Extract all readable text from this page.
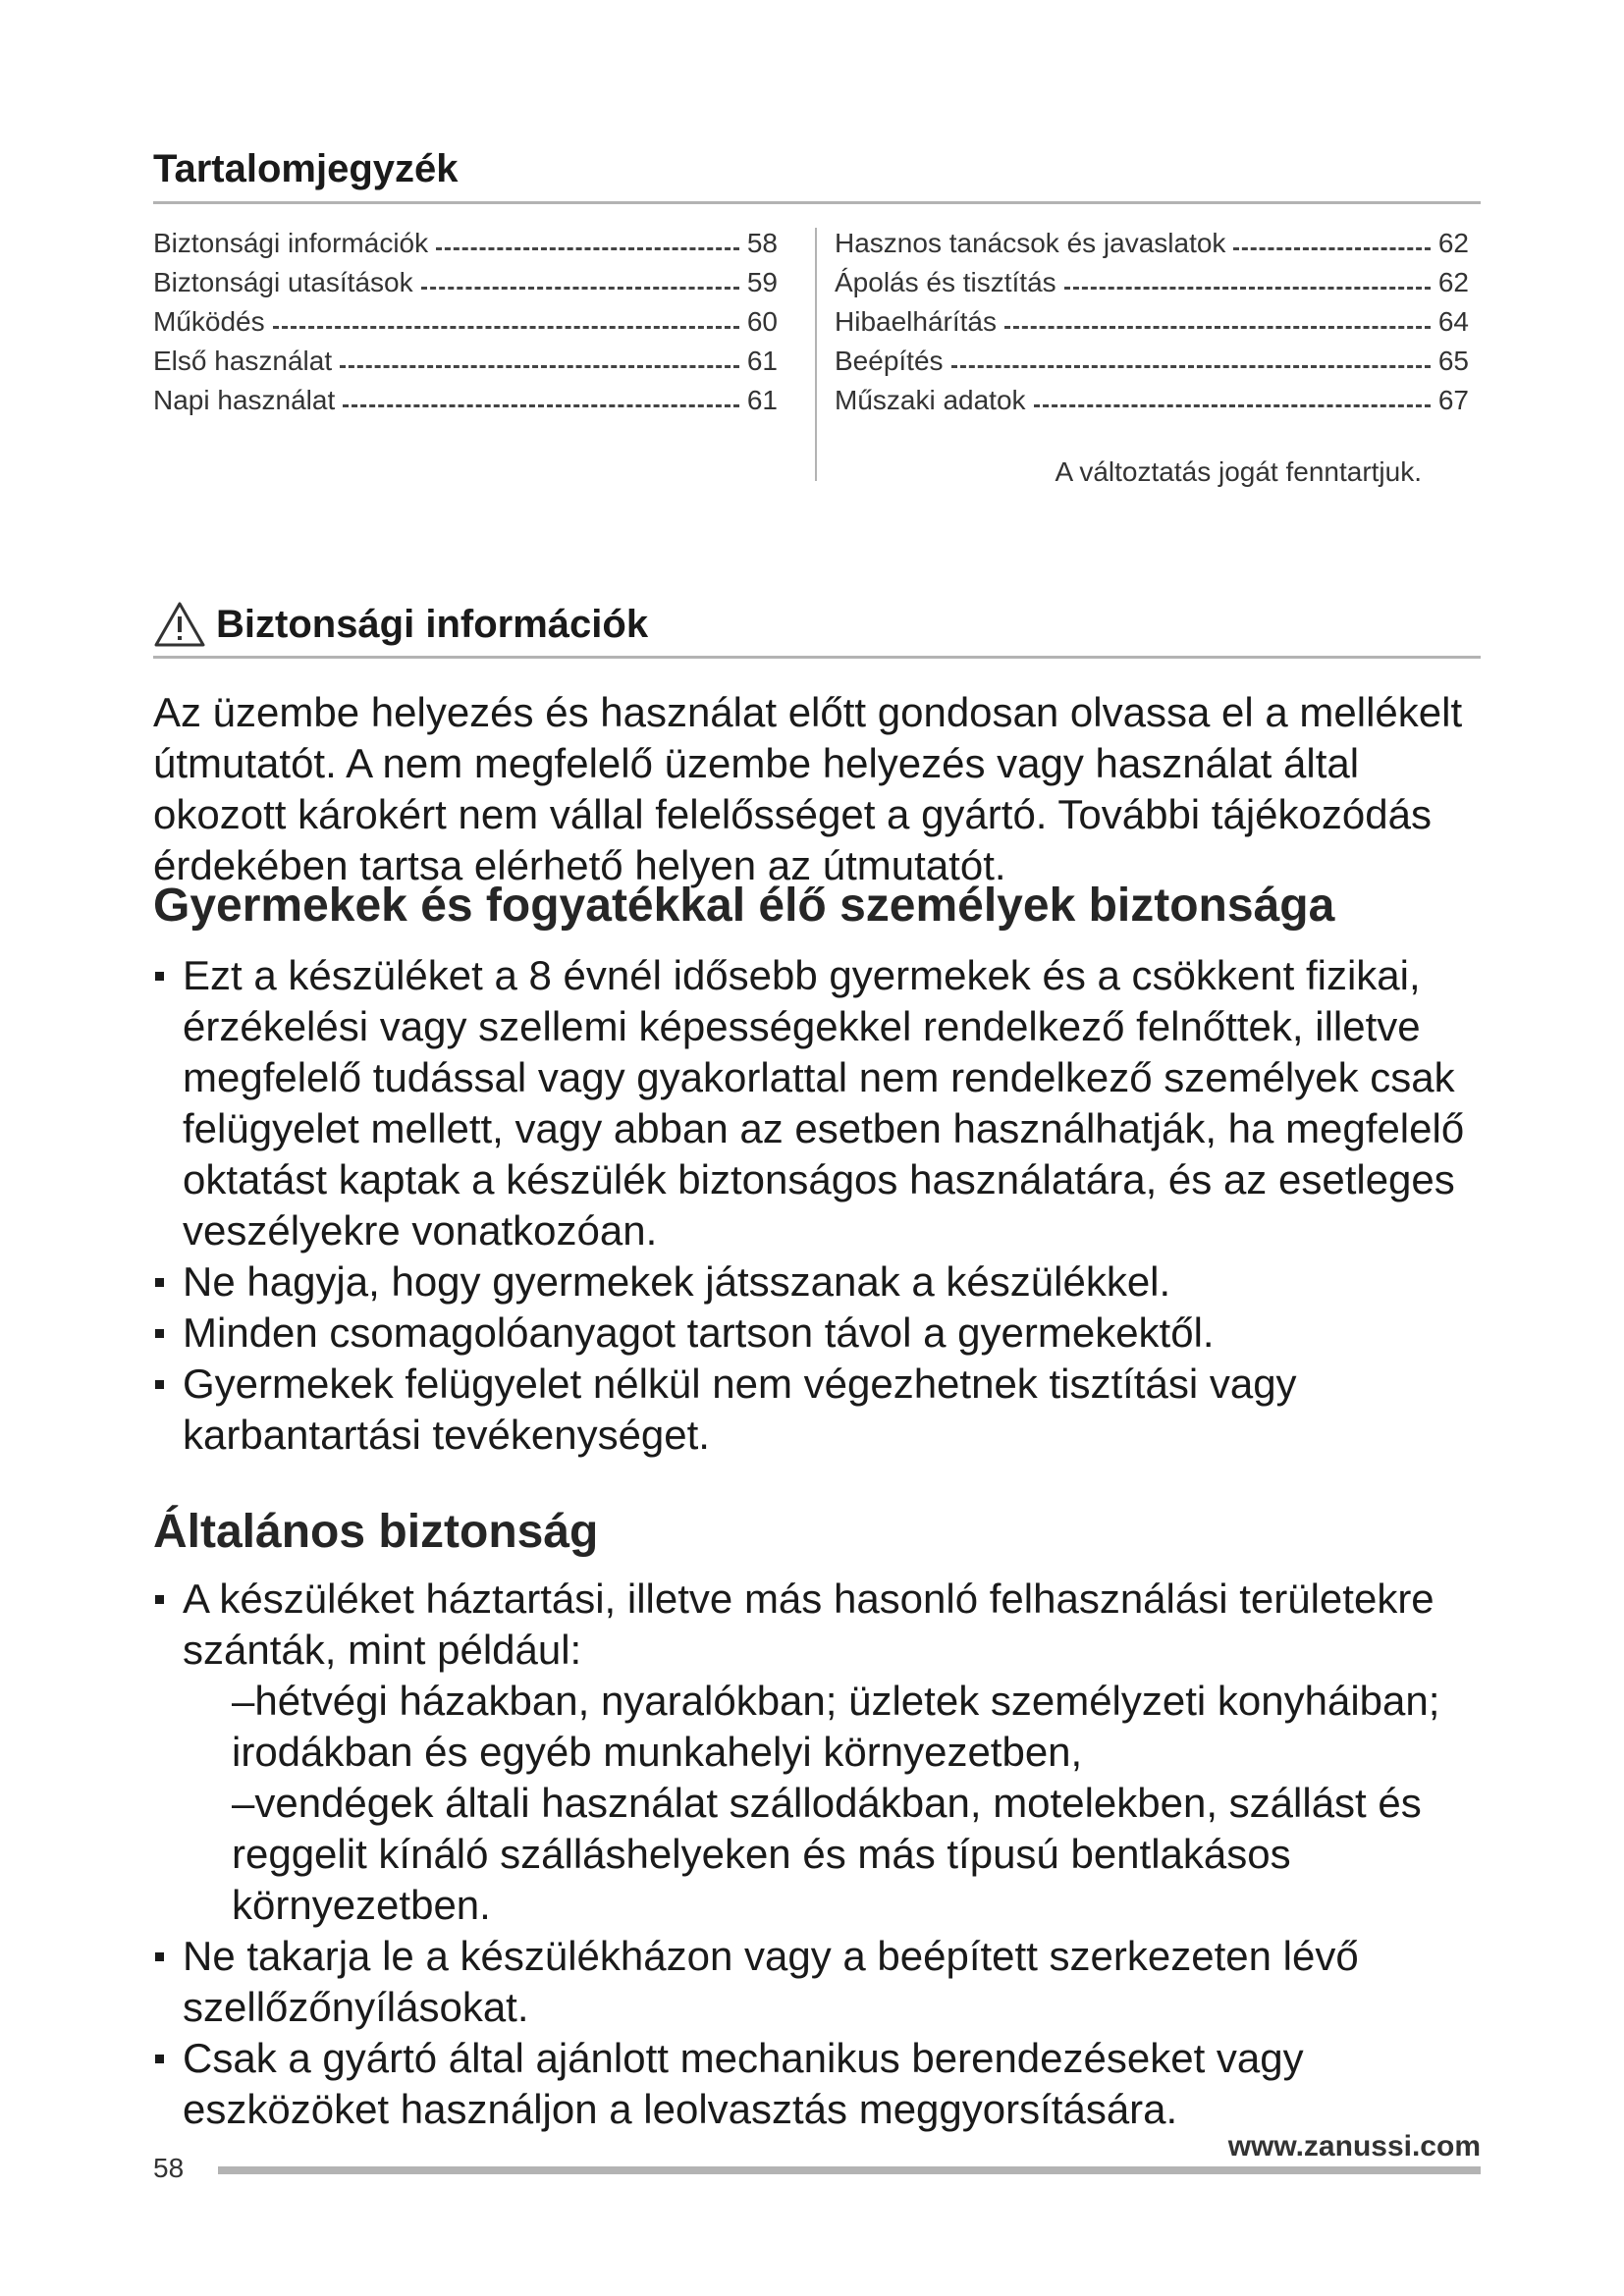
Tartalomjegyzék
Biztonsági információk	58
Biztonsági utasítások	59
Működés	60
Első használat	61
Napi használat	61
Hasznos tanácsok és javaslatok	62
Ápolás és tisztítás	62
Hibaelhárítás	64
Beépítés	65
Műszaki adatok	67
A változtatás jogát fenntartjuk.
Biztonsági információk

Az üzembe helyezés és használat előtt gondosan olvassa el a mellékelt útmutatót. A nem megfelelő üzembe helyezés vagy használat által okozott károkért nem vállal felelősséget a gyártó. További tájékozódás érdekében tartsa elérhető helyen az útmutatót.

Gyermekek és fogyatékkal élő személyek biztonsága
Ezt a készüléket a 8 évnél idősebb gyermekek és a csökkent fizikai, érzékelési vagy szellemi képességekkel rendelkező felnőttek, illetve megfelelő tudással vagy gyakorlattal nem rendelkező személyek csak felügyelet mellett, vagy abban az esetben használhatják, ha megfelelő oktatást kaptak a készülék biztonságos használatára, és az esetleges veszélyekre vonatkozóan.
Ne hagyja, hogy gyermekek játsszanak a készülékkel.
Minden csomagolóanyagot tartson távol a gyermekektől.
Gyermekek felügyelet nélkül nem végezhetnek tisztítási vagy karbantartási tevékenységet.
Általános biztonság
A készüléket háztartási, illetve más hasonló felhasználási területekre szánták, mint például:
–hétvégi házakban, nyaralókban; üzletek személyzeti konyháiban; irodákban és egyéb munkahelyi környezetben,
–vendégek általi használat szállodákban, motelekben, szállást és reggelit kínáló szálláshelyeken és más típusú bentlakásos környezetben.
Ne takarja le a készülékházon vagy a beépített szerkezeten lévő szellőzőnyílásokat.
Csak a gyártó által ajánlott mechanikus berendezéseket vagy eszközöket használjon a leolvasztás meggyorsítására.
www.zanussi.com
58
